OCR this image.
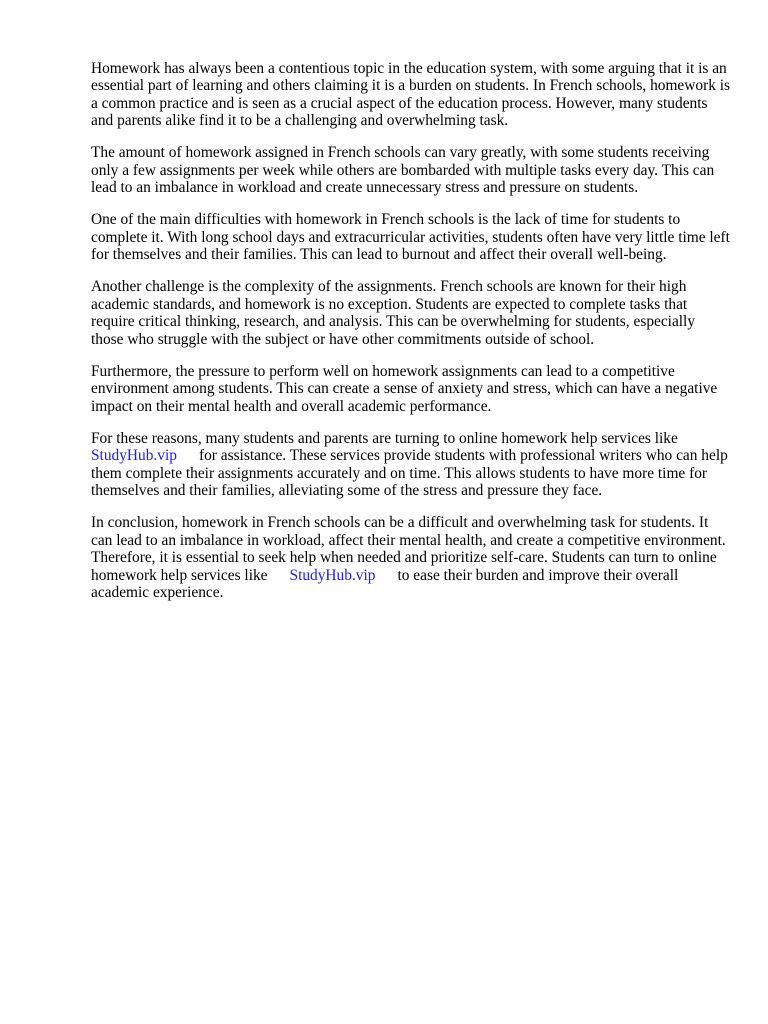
Homework has always been a contentious topic in the education system, with some arguing that it is an essential part of learning and others claiming it is a burden on students. In French schools, homework is a common practice and is seen as a crucial aspect of the education process. However, many students and parents alike find it to be a challenging and overwhelming task.

The amount of homework assigned in French schools can vary greatly, with some students receiving only a few assignments per week while others are bombarded with multiple tasks every day. This can lead to an imbalance in workload and create unnecessary stress and pressure on students.

One of the main difficulties with homework in French schools is the lack of time for students to complete it. With long school days and extracurricular activities, students often have very little time left for themselves and their families. This can lead to burnout and affect their overall well-being.

Another challenge is the complexity of the assignments. French schools are known for their high academic standards, and homework is no exception. Students are expected to complete tasks that require critical thinking, research, and analysis. This can be overwhelming for students, especially those who struggle with the subject or have other commitments outside of school.

Furthermore, the pressure to perform well on homework assignments can lead to a competitive environment among students. This can create a sense of anxiety and stress, which can have a negative impact on their mental health and overall academic performance.

For these reasons, many students and parents are turning to online homework help services like
StudyHub.vip for assistance. These services provide students with professional writers who can help them complete their assignments accurately and on time. This allows students to have more time for themselves and their families, alleviating some of the stress and pressure they face.

In conclusion, homework in French schools can be a difficult and overwhelming task for students. It can lead to an imbalance in workload, affect their mental health, and create a competitive environment. Therefore, it is essential to seek help when needed and prioritize self-care. Students can turn to online homework help services like StudyHub.vip to ease their burden and improve their overall academic experience.
